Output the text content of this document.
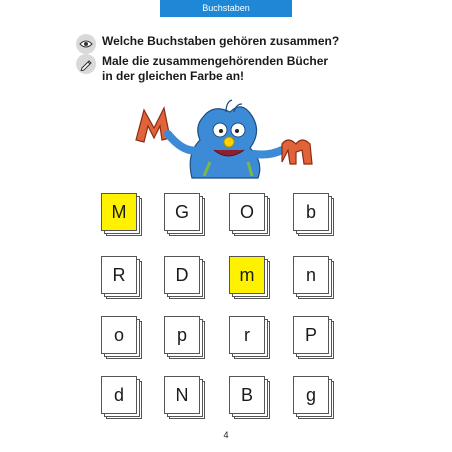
Buchstaben
Welche Buchstaben gehören zusammen?
Male die zusammengehörenden Bücher
in der gleichen Farbe an!
M	G	O	b
R	D	m	n
o	p	r	P
d	N	B	g
4
